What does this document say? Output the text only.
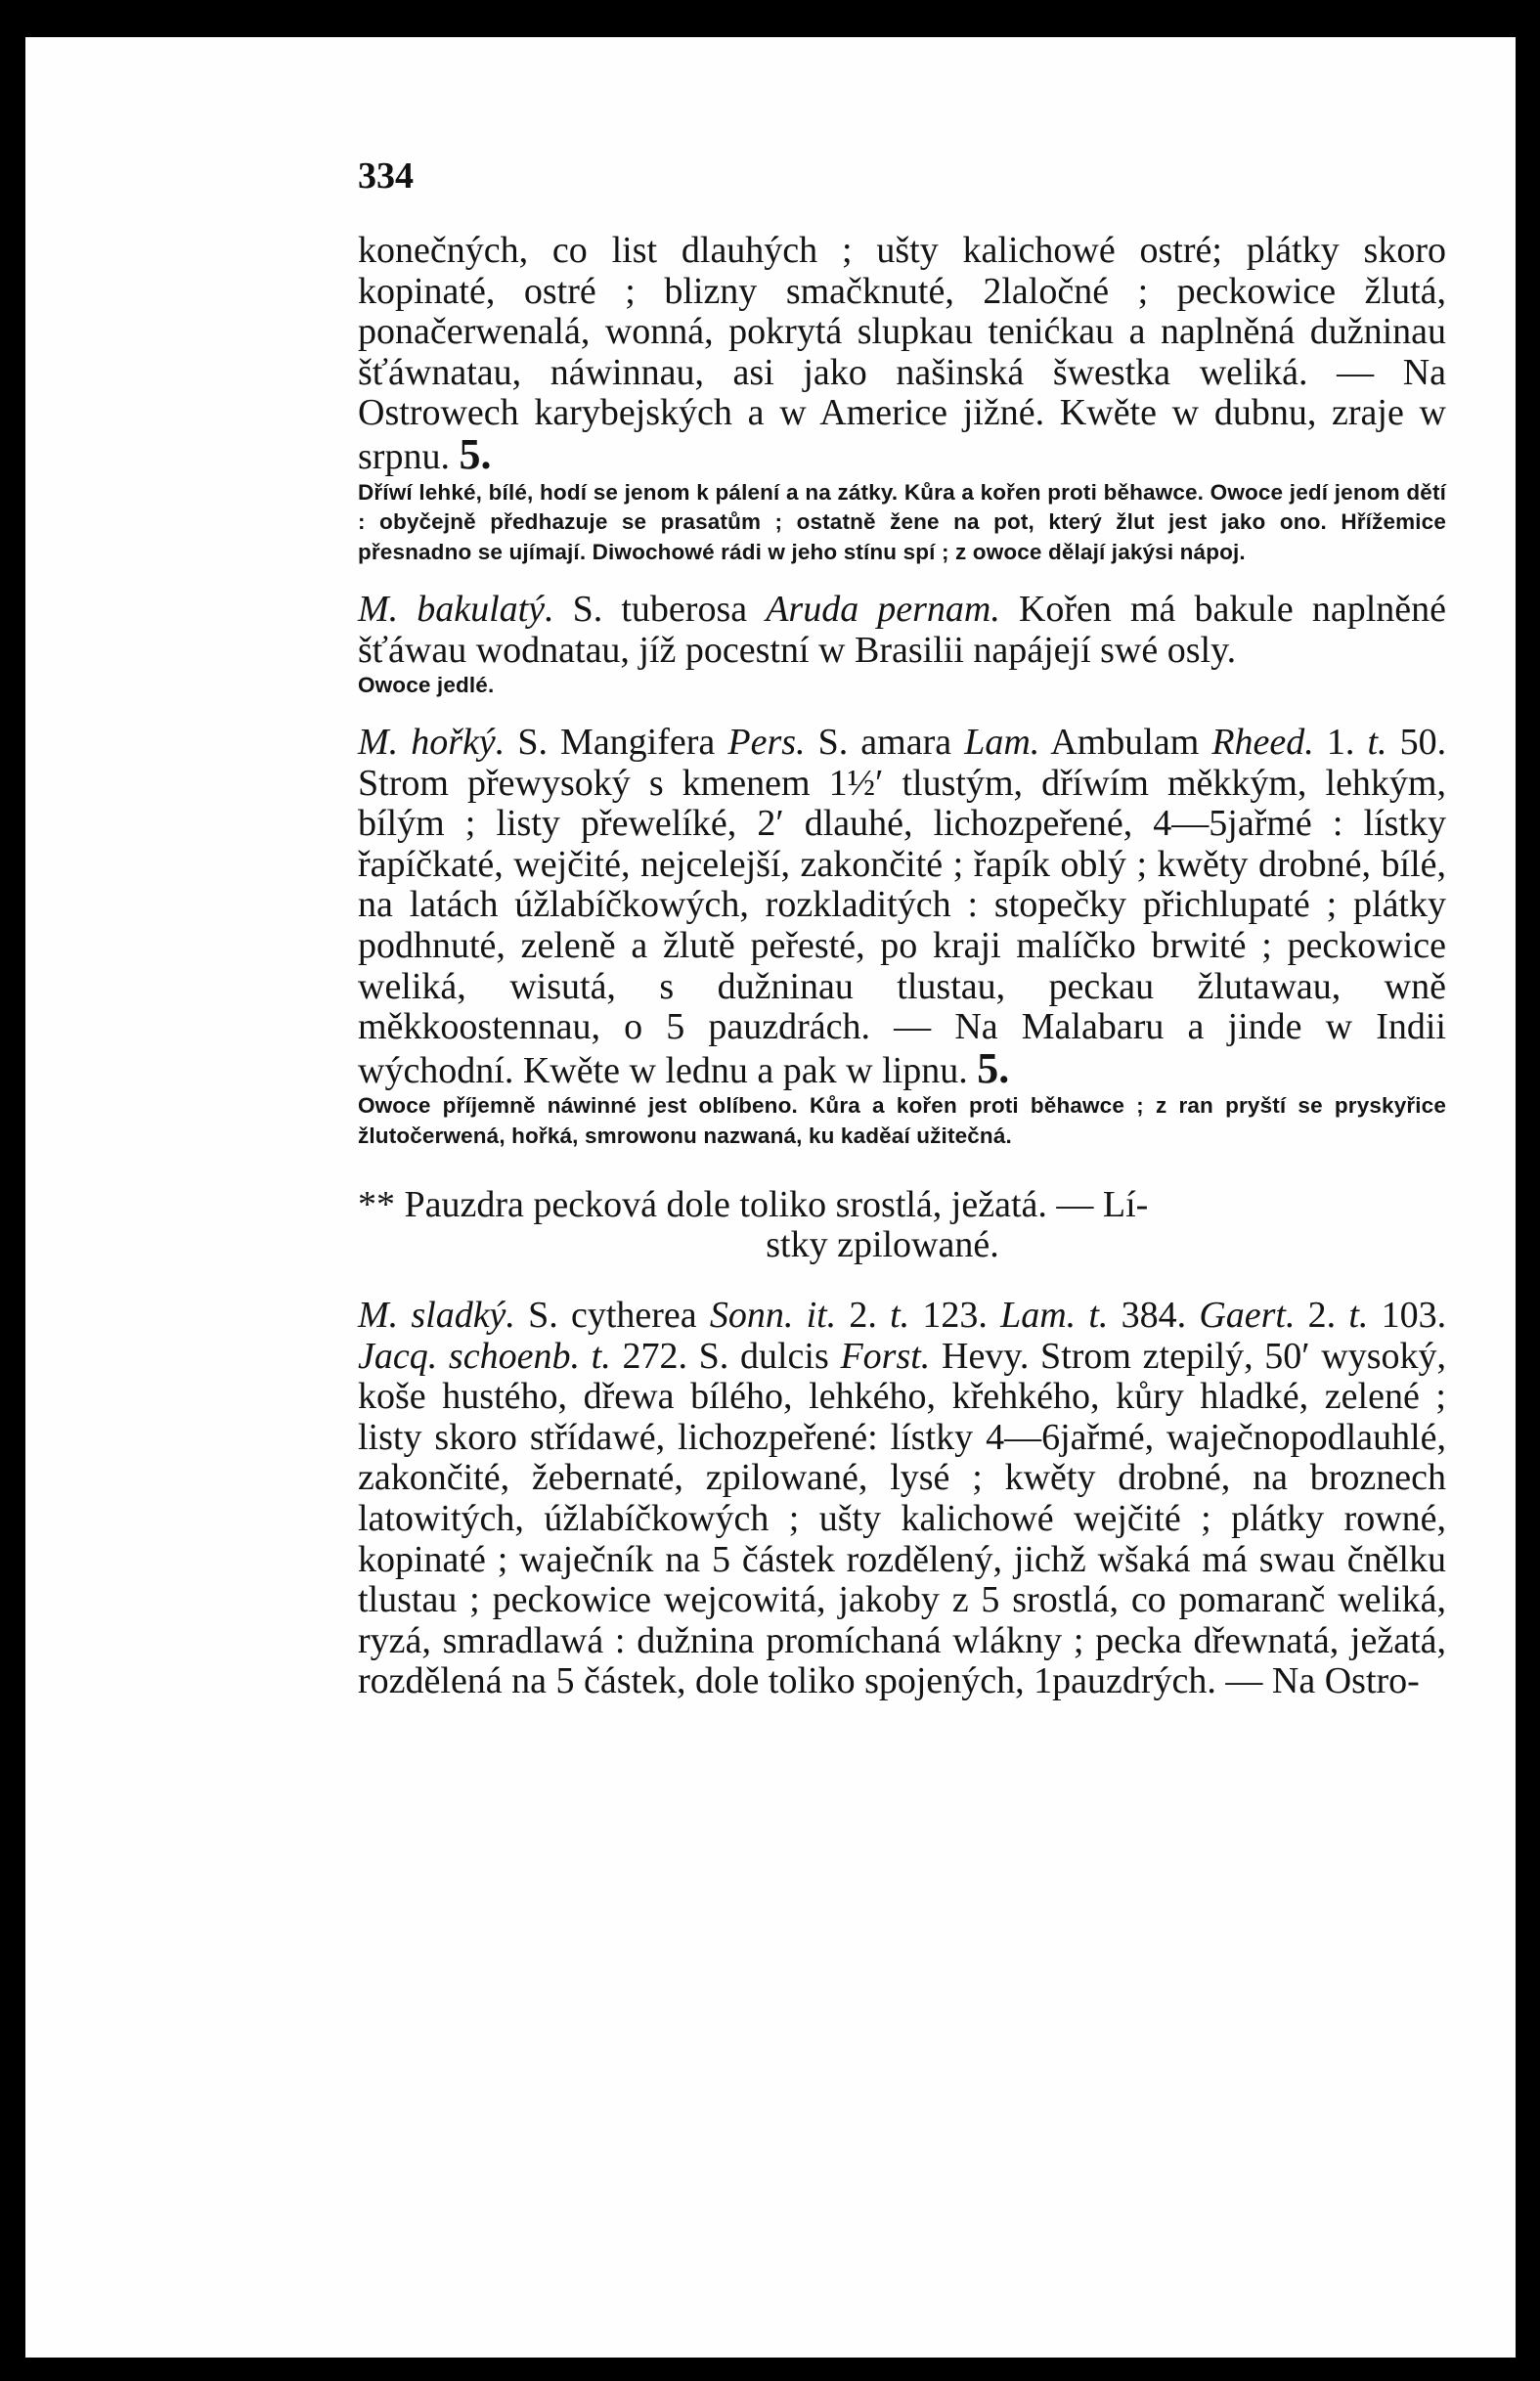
334

konečných, co list dlauhých ; ušty kalichowé ostré; plátky skoro kopinaté, ostré ; blizny smačknuté, 2laločné ; peckowice žlutá, ponačerwenalá, wonná, pokrytá slupkau tenićkau a naplněná dužninau šťáwnatau, náwinnau, asi jako našinská šwestka weliká. — Na Ostrowech karybejských a w Americe jižné. Kwěte w dubnu, zraje w srpnu. 5.

Dříwí lehké, bílé, hodí se jenom k pálení a na zátky. Kůra a kořen proti běhawce. Owoce jedí jenom dětí : obyčejně předhazuje se prasatům ; ostatně žene na pot, který žlut jest jako ono. Hřížemice přesnadno se ujímají. Diwochowé rádi w jeho stínu spí ; z owoce dělají jakýsi nápoj.

M. bakulatý. S. tuberosa Aruda pernam. Kořen má bakule naplněné šťáwau wodnatau, jíž pocestní w Brasilii napájejí swé osly.

Owoce jedlé.

M. hořký. S. Mangifera Pers. S. amara Lam. Ambulam Rheed. 1. t. 50. Strom přewysoký s kmenem 1½′ tlustým, dříwím měkkým, lehkým, bílým ; listy přewelíké, 2′ dlauhé, lichozpeřené, 4—5jařmé : lístky řapíčkaté, wejčité, nejcelejší, zakončité ; řapík oblý ; kwěty drobné, bílé, na latách úžlabíčkowých, rozkladitých : stopečky přichlupaté ; plátky podhnuté, zeleně a žlutě peřesté, po kraji malíčko brwité ; peckowice weliká, wisutá, s dužninau tlustau, peckau žlutawau, wně měkkoostennau, o 5 pauzdrách. — Na Malabaru a jinde w Indii wýchodní. Kwěte w lednu a pak w lipnu. 5.

Owoce příjemně náwinné jest oblíbeno. Kůra a kořen proti běhawce ; z ran pryští se pryskyřice žlutočerwená, hořká, smrowonu nazwaná, ku kaděaí užitečná.

** Pauzdra pecková dole toliko srostlá, ježatá. — Lí-
stky zpilowané.

M. sladký. S. cytherea Sonn. it. 2. t. 123. Lam. t. 384. Gaert. 2. t. 103. Jacq. schoenb. t. 272. S. dulcis Forst. Hevy. Strom ztepilý, 50′ wysoký, koše hustého, dřewa bílého, lehkého, křehkého, kůry hladké, zelené ; listy skoro střídawé, lichozpeřené: lístky 4—6jařmé, waječnopodlauhlé, zakončité, žebernaté, zpilowané, lysé ; kwěty drobné, na broznech latowitých, úžlabíčkowých ; ušty kalichowé wejčité ; plátky rowné, kopinaté ; waječník na 5 částek rozdělený, jichž wšaká má swau čnělku tlustau ; peckowice wejcowitá, jakoby z 5 srostlá, co pomaranč weliká, ryzá, smradlawá : dužnina promíchaná wlákny ; pecka dřewnatá, ježatá, rozdělená na 5 částek, dole toliko spojených, 1pauzdrých. — Na Ostro-
